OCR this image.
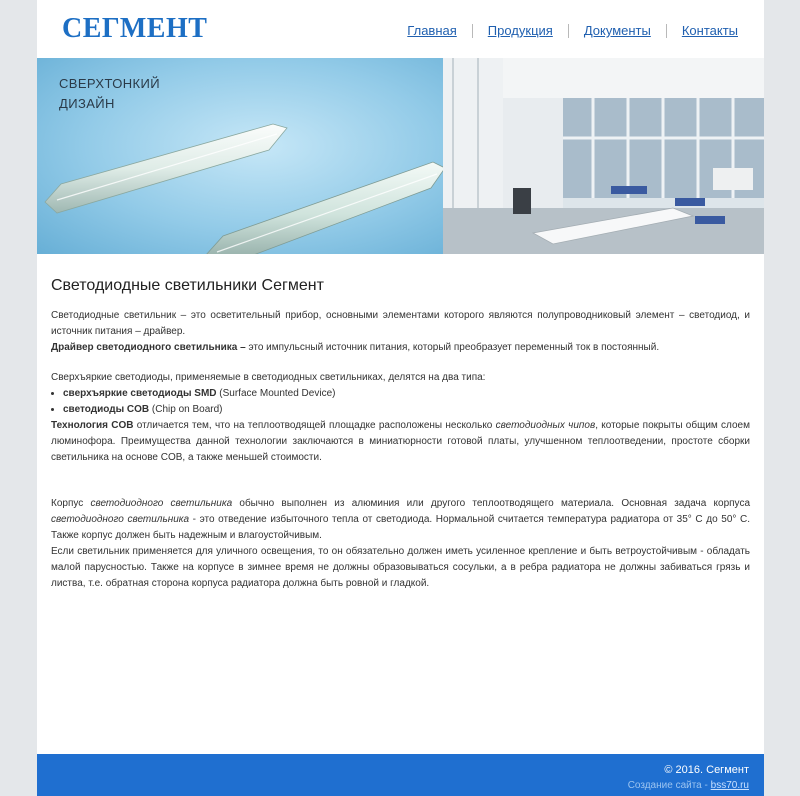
СЕГМЕНТ	Главная Продукция Документы Контакты
СВЕРХТОНКИЙ
ДИЗАЙН
Светодиодные светильники Сегмент

Светодиодные светильник – это осветительный прибор, основными элементами которого являются полупроводниковый элемент – светодиод, и источник питания – драйвер.

Драйвер светодиодного светильника – это импульсный источник питания, который преобразует переменный ток в постоянный.

Сверхъяркие светодиоды, применяемые в светодиодных светильниках, делятся на два типа:

• сверхъяркие светодиоды SMD (Surface Mounted Device)
• светодиоды COB (Chip on Board)

Технология COB отличается тем, что на теплоотводящей площадке расположены несколько светодиодных чипов, которые покрыты общим слоем люминофора. Преимущества данной технологии заключаются в миниатюрности готовой платы, улучшенном теплоотведении, простоте сборки светильника на основе COB, а также меньшей стоимости.

Корпус светодиодного светильника обычно выполнен из алюминия или другого теплоотводящего материала. Основная задача корпуса светодиодного светильника - это отведение избыточного тепла от светодиода. Нормальной считается температура радиатора от 35° С до 50° С. Также корпус должен быть надежным и влагоустойчивым.

Если светильник применяется для уличного освещения, то он обязательно должен иметь усиленное крепление и быть ветроустойчивым - обладать малой парусностью. Также на корпусе в зимнее время не должны образовываться сосульки, а в ребра радиатора не должны забиваться грязь и листва, т.е. обратная сторона корпуса радиатора должна быть ровной и гладкой.

© 2016. Сегмент
Создание сайта - bss70.ru
